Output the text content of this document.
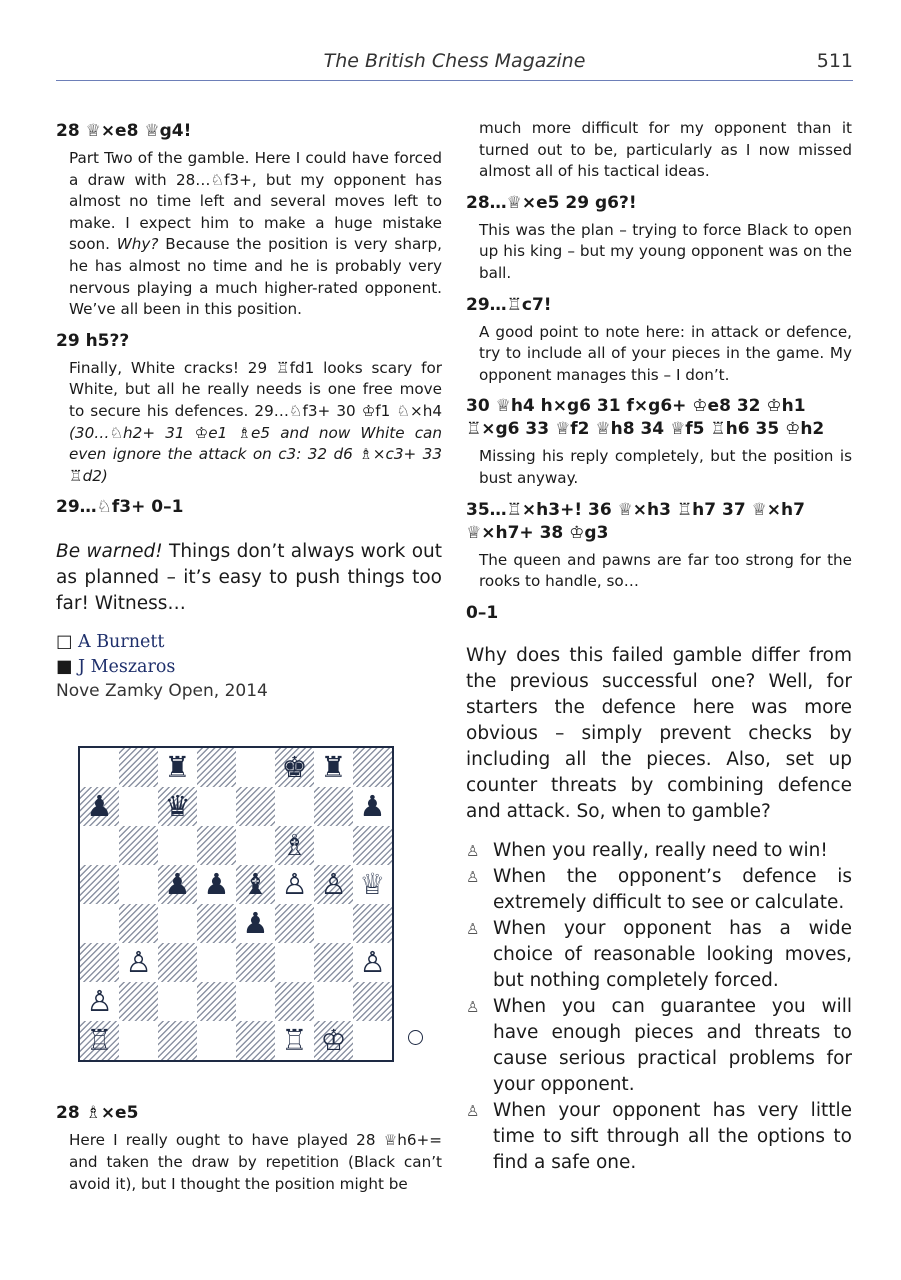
The British Chess Magazine	511
28 ♕×e8 ♕g4!
Part Two of the gamble. Here I could have forced a draw with 28…♘f3+, but my opponent has almost no time left and several moves left to make. I expect him to make a huge mistake soon. Why? Because the position is very sharp, he has almost no time and he is probably very nervous playing a much higher-rated opponent. We’ve all been in this position.
29 h5??
Finally, White cracks! 29 ♖fd1 looks scary for White, but all he really needs is one free move to secure his defences. 29…♘f3+ 30 ♔f1 ♘×h4 (30…♘h2+ 31 ♔e1 ♗e5 and now White can even ignore the attack on c3: 32 d6 ♗×c3+ 33 ♖d2)
29…♘f3+ 0–1
Be warned! Things don’t always work out as planned – it’s easy to push things too far! Witness…
□ A Burnett
■ J Meszaros
Nove Zamky Open, 2014
♜	♚ ♜
♟ ♛	♟
♗
♟ ♟ ♝ ♙ ♙ ♕
♟
♙	♙
♙
♖	♖ ♔
28 ♗×e5
Here I really ought to have played 28 ♕h6+= and taken the draw by repetition (Black can’t avoid it), but I thought the position might be
much more difficult for my opponent than it turned out to be, particularly as I now missed almost all of his tactical ideas.
28…♕×e5 29 g6?!
This was the plan – trying to force Black to open up his king – but my young opponent was on the ball.
29…♖c7!
A good point to note here: in attack or defence, try to include all of your pieces in the game. My opponent manages this – I don’t.
30 ♕h4 h×g6 31 f×g6+ ♔e8 32 ♔h1 ♖×g6 33 ♕f2 ♕h8 34 ♕f5 ♖h6 35 ♔h2
Missing his reply completely, but the position is bust anyway.
35…♖×h3+! 36 ♕×h3 ♖h7 37 ♕×h7 ♕×h7+ 38 ♔g3
The queen and pawns are far too strong for the rooks to handle, so…
0–1
Why does this failed gamble differ from the previous successful one? Well, for starters the defence here was more obvious – simply prevent checks by including all the pieces. Also, set up counter threats by combining defence and attack. So, when to gamble?
♙ When you really, really need to win!
♙ When the opponent’s defence is extremely difficult to see or calculate.
♙ When your opponent has a wide choice of reasonable looking moves, but nothing completely forced.
♙ When you can guarantee you will have enough pieces and threats to cause serious practical problems for your opponent.
♙ When your opponent has very little time to sift through all the options to find a safe one.
